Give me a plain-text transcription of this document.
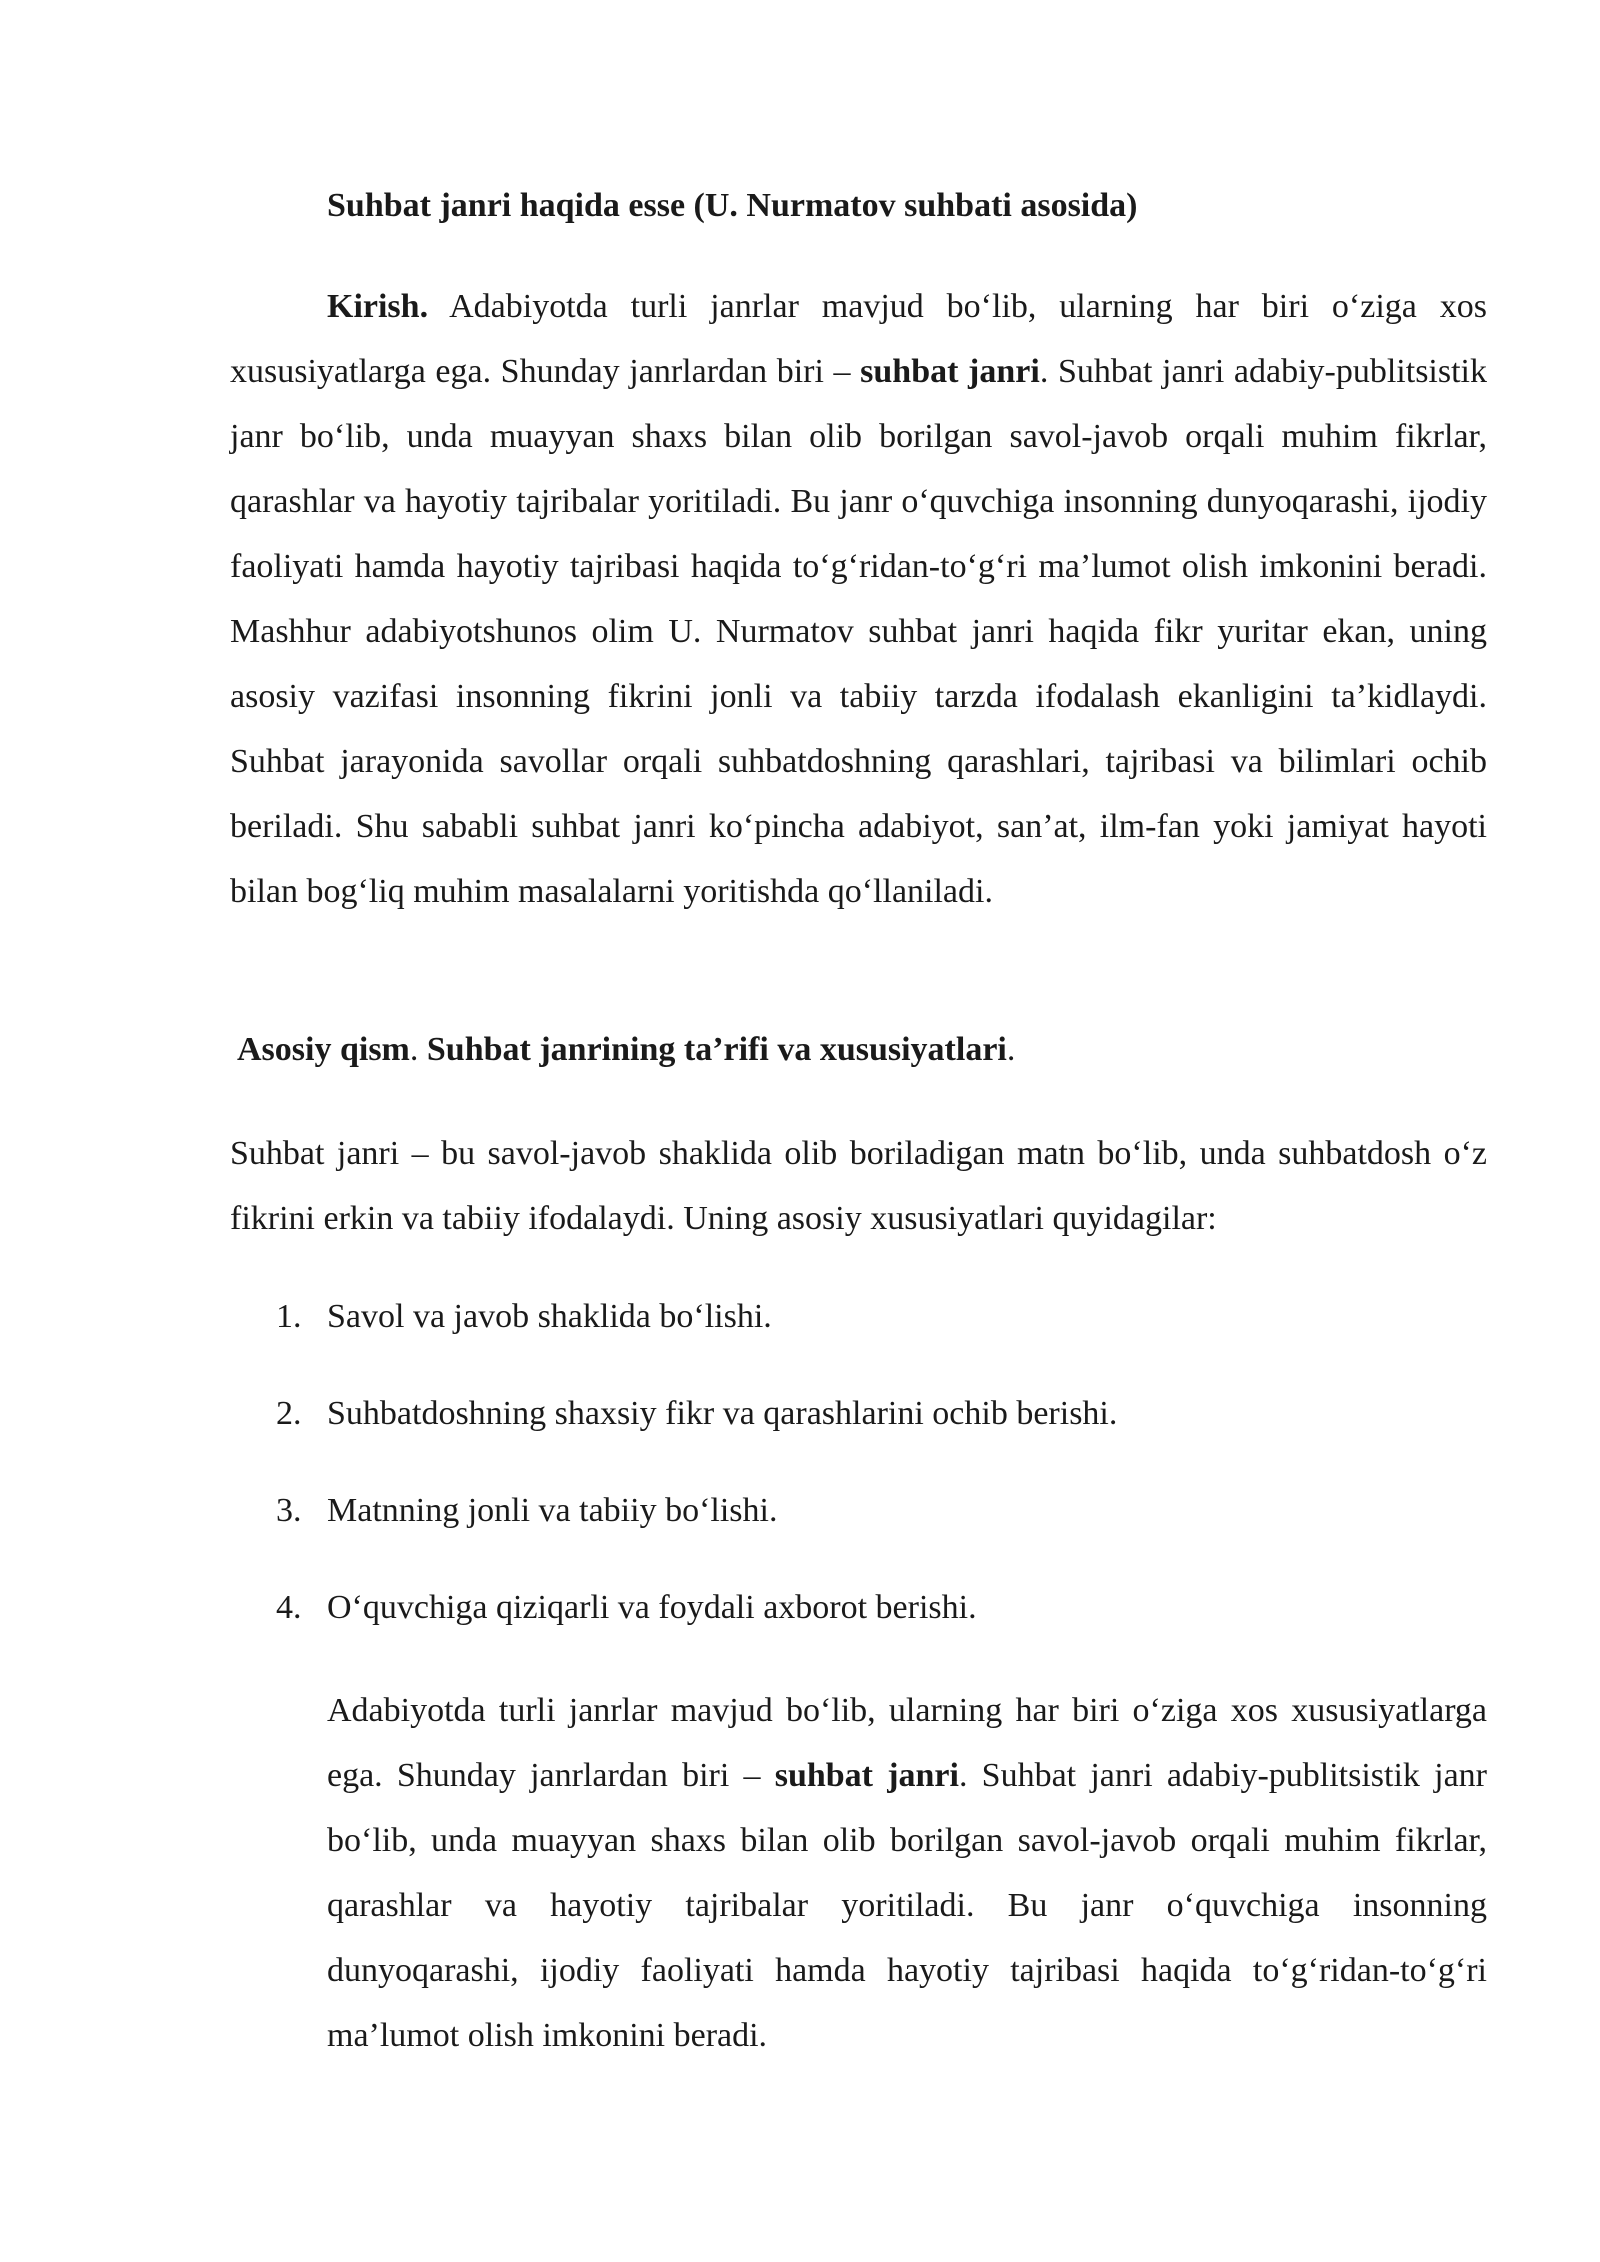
Suhbat janri haqida esse (U. Nurmatov suhbati asosida)

Kirish. Adabiyotda turli janrlar mavjud bo‘lib, ularning har biri o‘ziga xos xususiyatlarga ega. Shunday janrlardan biri – suhbat janri. Suhbat janri adabiy-publitsistik janr bo‘lib, unda muayyan shaxs bilan olib borilgan savol-javob orqali muhim fikrlar, qarashlar va hayotiy tajribalar yoritiladi. Bu janr o‘quvchiga insonning dunyoqarashi, ijodiy faoliyati hamda hayotiy tajribasi haqida to‘g‘ridan-to‘g‘ri ma’lumot olish imkonini beradi. Mashhur adabiyotshunos olim U. Nurmatov suhbat janri haqida fikr yuritar ekan, uning asosiy vazifasi insonning fikrini jonli va tabiiy tarzda ifodalash ekanligini ta’kidlaydi. Suhbat jarayonida savollar orqali suhbatdoshning qarashlari, tajribasi va bilimlari ochib beriladi. Shu sababli suhbat janri ko‘pincha adabiyot, san’at, ilm-fan yoki jamiyat hayoti bilan bog‘liq muhim masalalarni yoritishda qo‘llaniladi.

Asosiy qism. Suhbat janrining ta’rifi va xususiyatlari.

Suhbat janri – bu savol-javob shaklida olib boriladigan matn bo‘lib, unda suhbatdosh o‘z fikrini erkin va tabiiy ifodalaydi. Uning asosiy xususiyatlari quyidagilar:

1. Savol va javob shaklida bo‘lishi.
2. Suhbatdoshning shaxsiy fikr va qarashlarini ochib berishi.
3. Matnning jonli va tabiiy bo‘lishi.
4. O‘quvchiga qiziqarli va foydali axborot berishi.

Adabiyotda turli janrlar mavjud bo‘lib, ularning har biri o‘ziga xos xususiyatlarga ega. Shunday janrlardan biri – suhbat janri. Suhbat janri adabiy-publitsistik janr bo‘lib, unda muayyan shaxs bilan olib borilgan savol-javob orqali muhim fikrlar, qarashlar va hayotiy tajribalar yoritiladi. Bu janr o‘quvchiga insonning dunyoqarashi, ijodiy faoliyati hamda hayotiy tajribasi haqida to‘g‘ridan-to‘g‘ri ma’lumot olish imkonini beradi.
